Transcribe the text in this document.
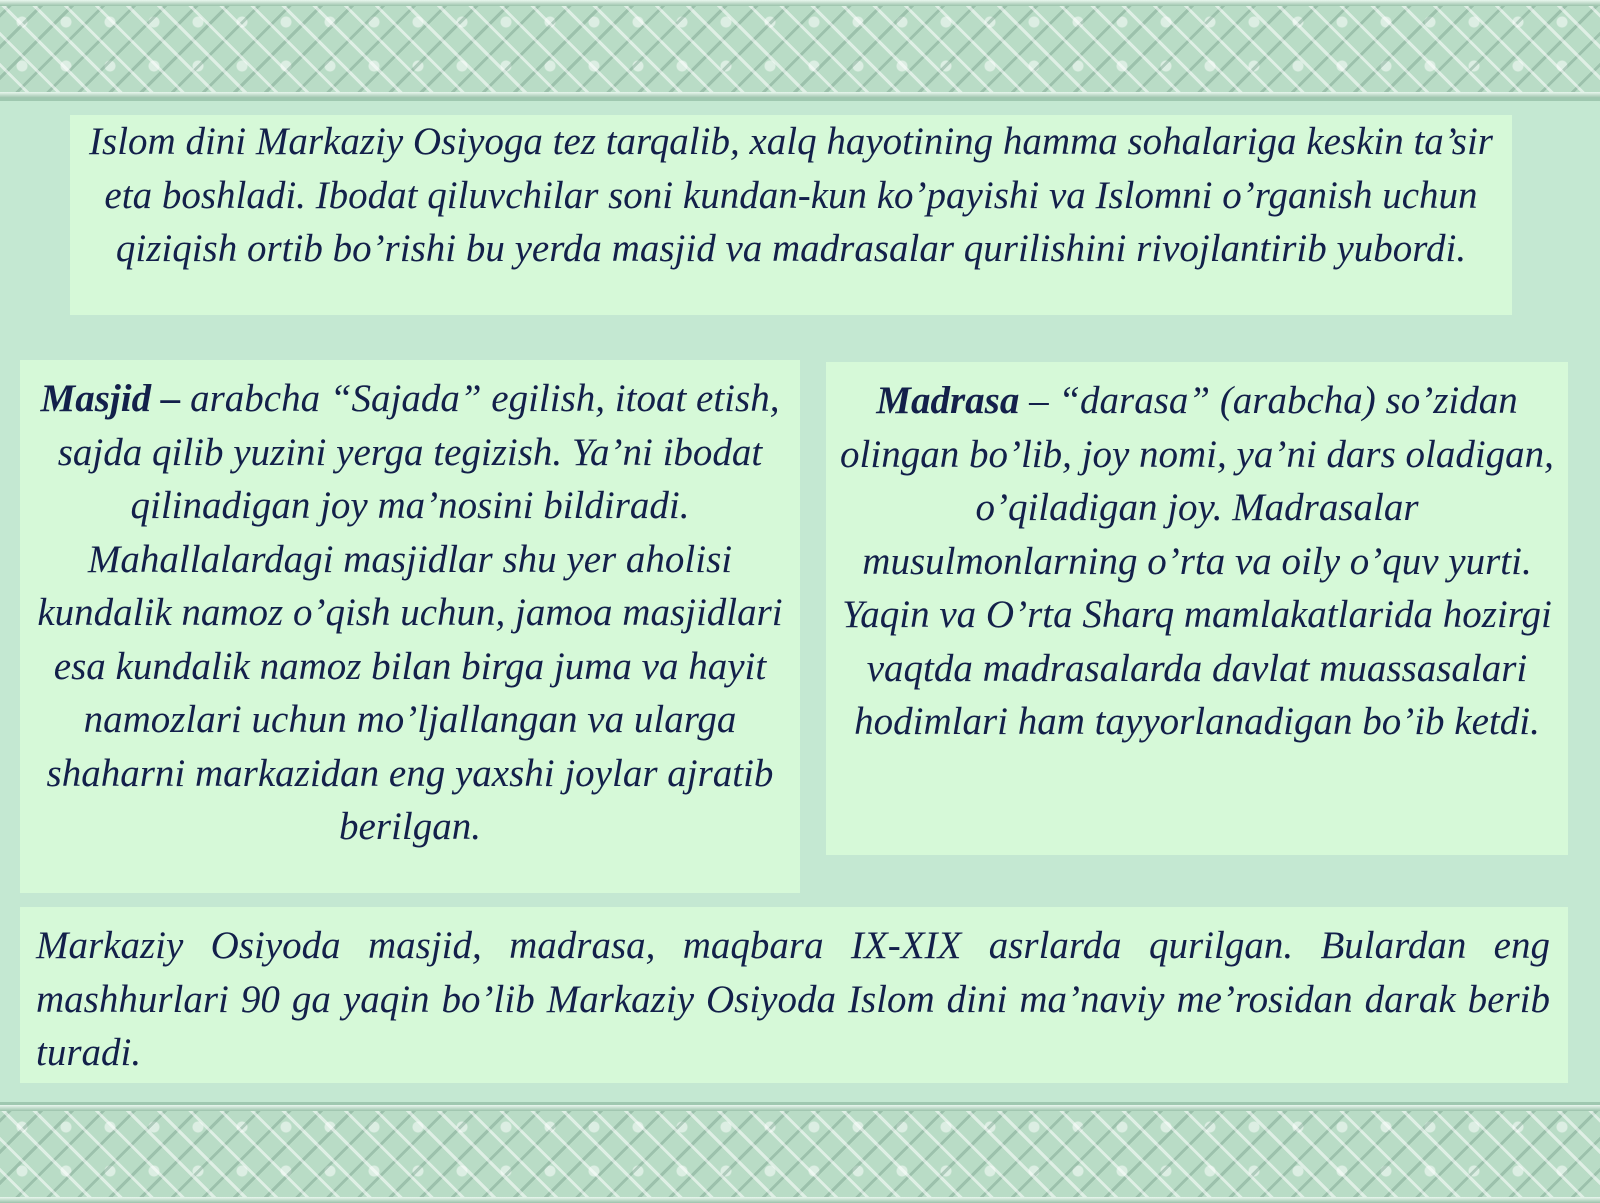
Islom dini Markaziy Osiyoga tez tarqalib, xalq hayotining hamma sohalariga keskin ta’sir eta boshladi. Ibodat qiluvchilar soni kundan-kun ko’payishi va Islomni o’rganish uchun qiziqish ortib bo’rishi bu yerda masjid va madrasalar qurilishini rivojlantirib yubordi.
Masjid – arabcha “Sajada” egilish, itoat etish, sajda qilib yuzini yerga tegizish. Ya’ni ibodat qilinadigan joy ma’nosini bildiradi. Mahallalardagi masjidlar shu yer aholisi kundalik namoz o’qish uchun, jamoa masjidlari esa kundalik namoz bilan birga juma va hayit namozlari uchun mo’ljallangan va ularga shaharni markazidan eng yaxshi joylar ajratib berilgan.
Madrasa – “darasa” (arabcha) so’zidan olingan bo’lib, joy nomi, ya’ni dars oladigan, o’qiladigan joy. Madrasalar musulmonlarning o’rta va oily o’quv yurti. Yaqin va O’rta Sharq mamlakatlarida hozirgi vaqtda madrasalarda davlat muassasalari hodimlari ham tayyorlanadigan bo’ib ketdi.
Markaziy Osiyoda masjid, madrasa, maqbara IX-XIX asrlarda qurilgan. Bulardan eng mashhurlari 90 ga yaqin bo’lib Markaziy Osiyoda Islom dini ma’naviy me’rosidan darak berib turadi.
